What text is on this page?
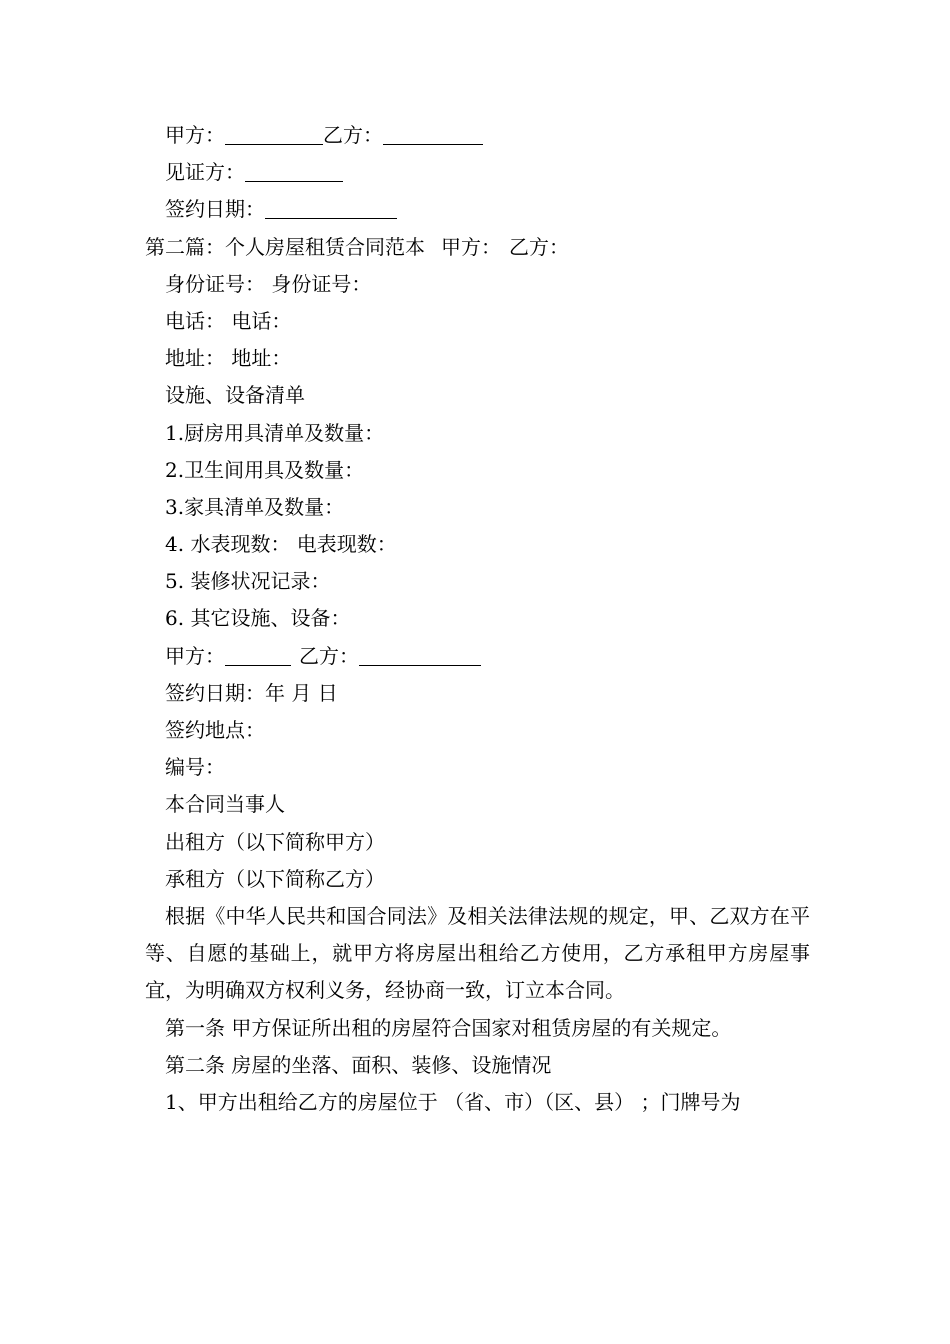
甲方：	乙方：
见证方：
签约日期：
第二篇：个人房屋租赁合同范本 甲方： 乙方：
身份证号： 身份证号：
电话： 电话：
地址： 地址：
设施、设备清单
1.厨房用具清单及数量：
2.卫生间用具及数量：
3.家具清单及数量：
4. 水表现数： 电表现数：
5. 装修状况记录：
6. 其它设施、设备：
甲方：	乙方：
签约日期：年 月 日
签约地点：
编号：
本合同当事人
出租方（以下简称甲方）
承租方（以下简称乙方）
根据《中华人民共和国合同法》及相关法律法规的规定，甲、乙双方在平等、自愿的基础上，就甲方将房屋出租给乙方使用，乙方承租甲方房屋事宜，为明确双方权利义务，经协商一致，订立本合同。
第一条 甲方保证所出租的房屋符合国家对租赁房屋的有关规定。
第二条 房屋的坐落、面积、装修、设施情况
1、甲方出租给乙方的房屋位于 （省、市）（区、县） ；门牌号为
